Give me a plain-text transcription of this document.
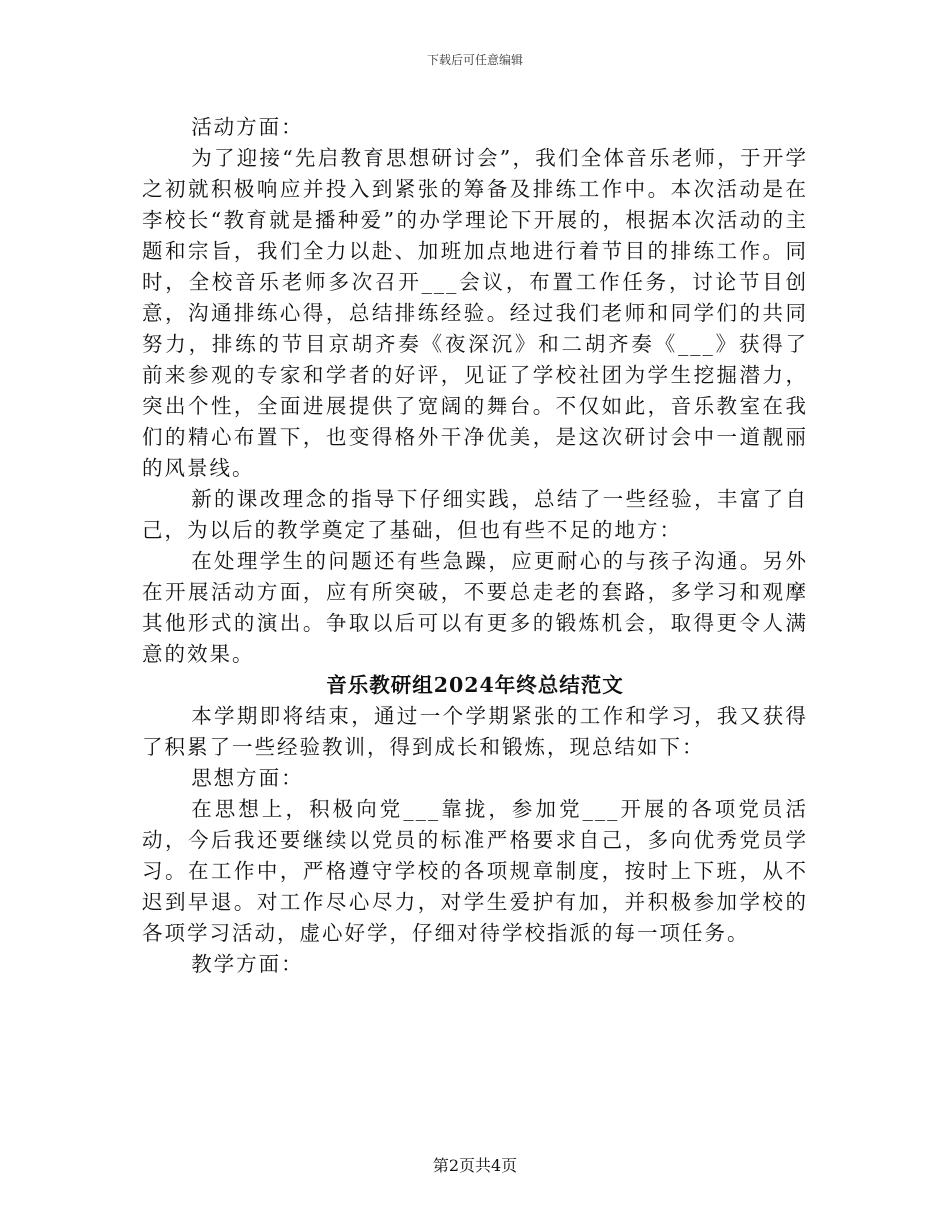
下载后可任意编辑

活动方面：

为了迎接“先启教育思想研讨会”，我们全体音乐老师，于开学之初就积极响应并投入到紧张的筹备及排练工作中。本次活动是在李校长“教育就是播种爱”的办学理论下开展的，根据本次活动的主题和宗旨，我们全力以赴、加班加点地进行着节目的排练工作。同时，全校音乐老师多次召开___会议，布置工作任务，讨论节目创意，沟通排练心得，总结排练经验。经过我们老师和同学们的共同努力，排练的节目京胡齐奏《夜深沉》和二胡齐奏《___》获得了前来参观的专家和学者的好评，见证了学校社团为学生挖掘潜力，突出个性，全面进展提供了宽阔的舞台。不仅如此，音乐教室在我们的精心布置下，也变得格外干净优美，是这次研讨会中一道靓丽的风景线。

新的课改理念的指导下仔细实践，总结了一些经验，丰富了自己，为以后的教学奠定了基础，但也有些不足的地方：

在处理学生的问题还有些急躁，应更耐心的与孩子沟通。另外在开展活动方面，应有所突破，不要总走老的套路，多学习和观摩其他形式的演出。争取以后可以有更多的锻炼机会，取得更令人满意的效果。

音乐教研组2024年终总结范文

本学期即将结束，通过一个学期紧张的工作和学习，我又获得了积累了一些经验教训，得到成长和锻炼，现总结如下：

思想方面：

在思想上，积极向党___靠拢，参加党___开展的各项党员活动，今后我还要继续以党员的标准严格要求自己，多向优秀党员学习。在工作中，严格遵守学校的各项规章制度，按时上下班，从不迟到早退。对工作尽心尽力，对学生爱护有加，并积极参加学校的各项学习活动，虚心好学，仔细对待学校指派的每一项任务。

教学方面：

第2页共4页
